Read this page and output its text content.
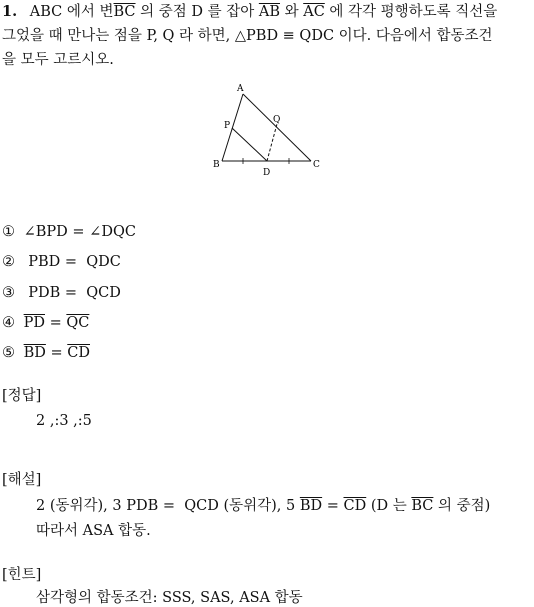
1. ABC 에서 변$\overline{BC}$ 의 중점 D 를 잡아 $\overline{AB}$ 와 $\overline{AC}$ 에 각각 평행하도록 직선을
그었을 때 만나는 점을 P, Q 라 하면, △PBD ≡ QDC 이다. 다음에서 합동조건
을 모두 고르시오.
A
B	C
D
P
Q
① ∠BPD = ∠DQC
②  PBD =  QDC
③  PDB =  QCD
④ $\overline{PD} = \overline{QC}$
⑤ $\overline{BD} = \overline{CD}$
[정답]
2 ,:3 ,:5
[해설]
2 (동위각), 3 PDB =  QCD (동위각), 5 $\overline{BD} = \overline{CD}$ (D 는 $\overline{BC}$ 의 중점)
따라서 ASA 합동.
[힌트]
삼각형의 합동조건: SSS, SAS, ASA 합동
